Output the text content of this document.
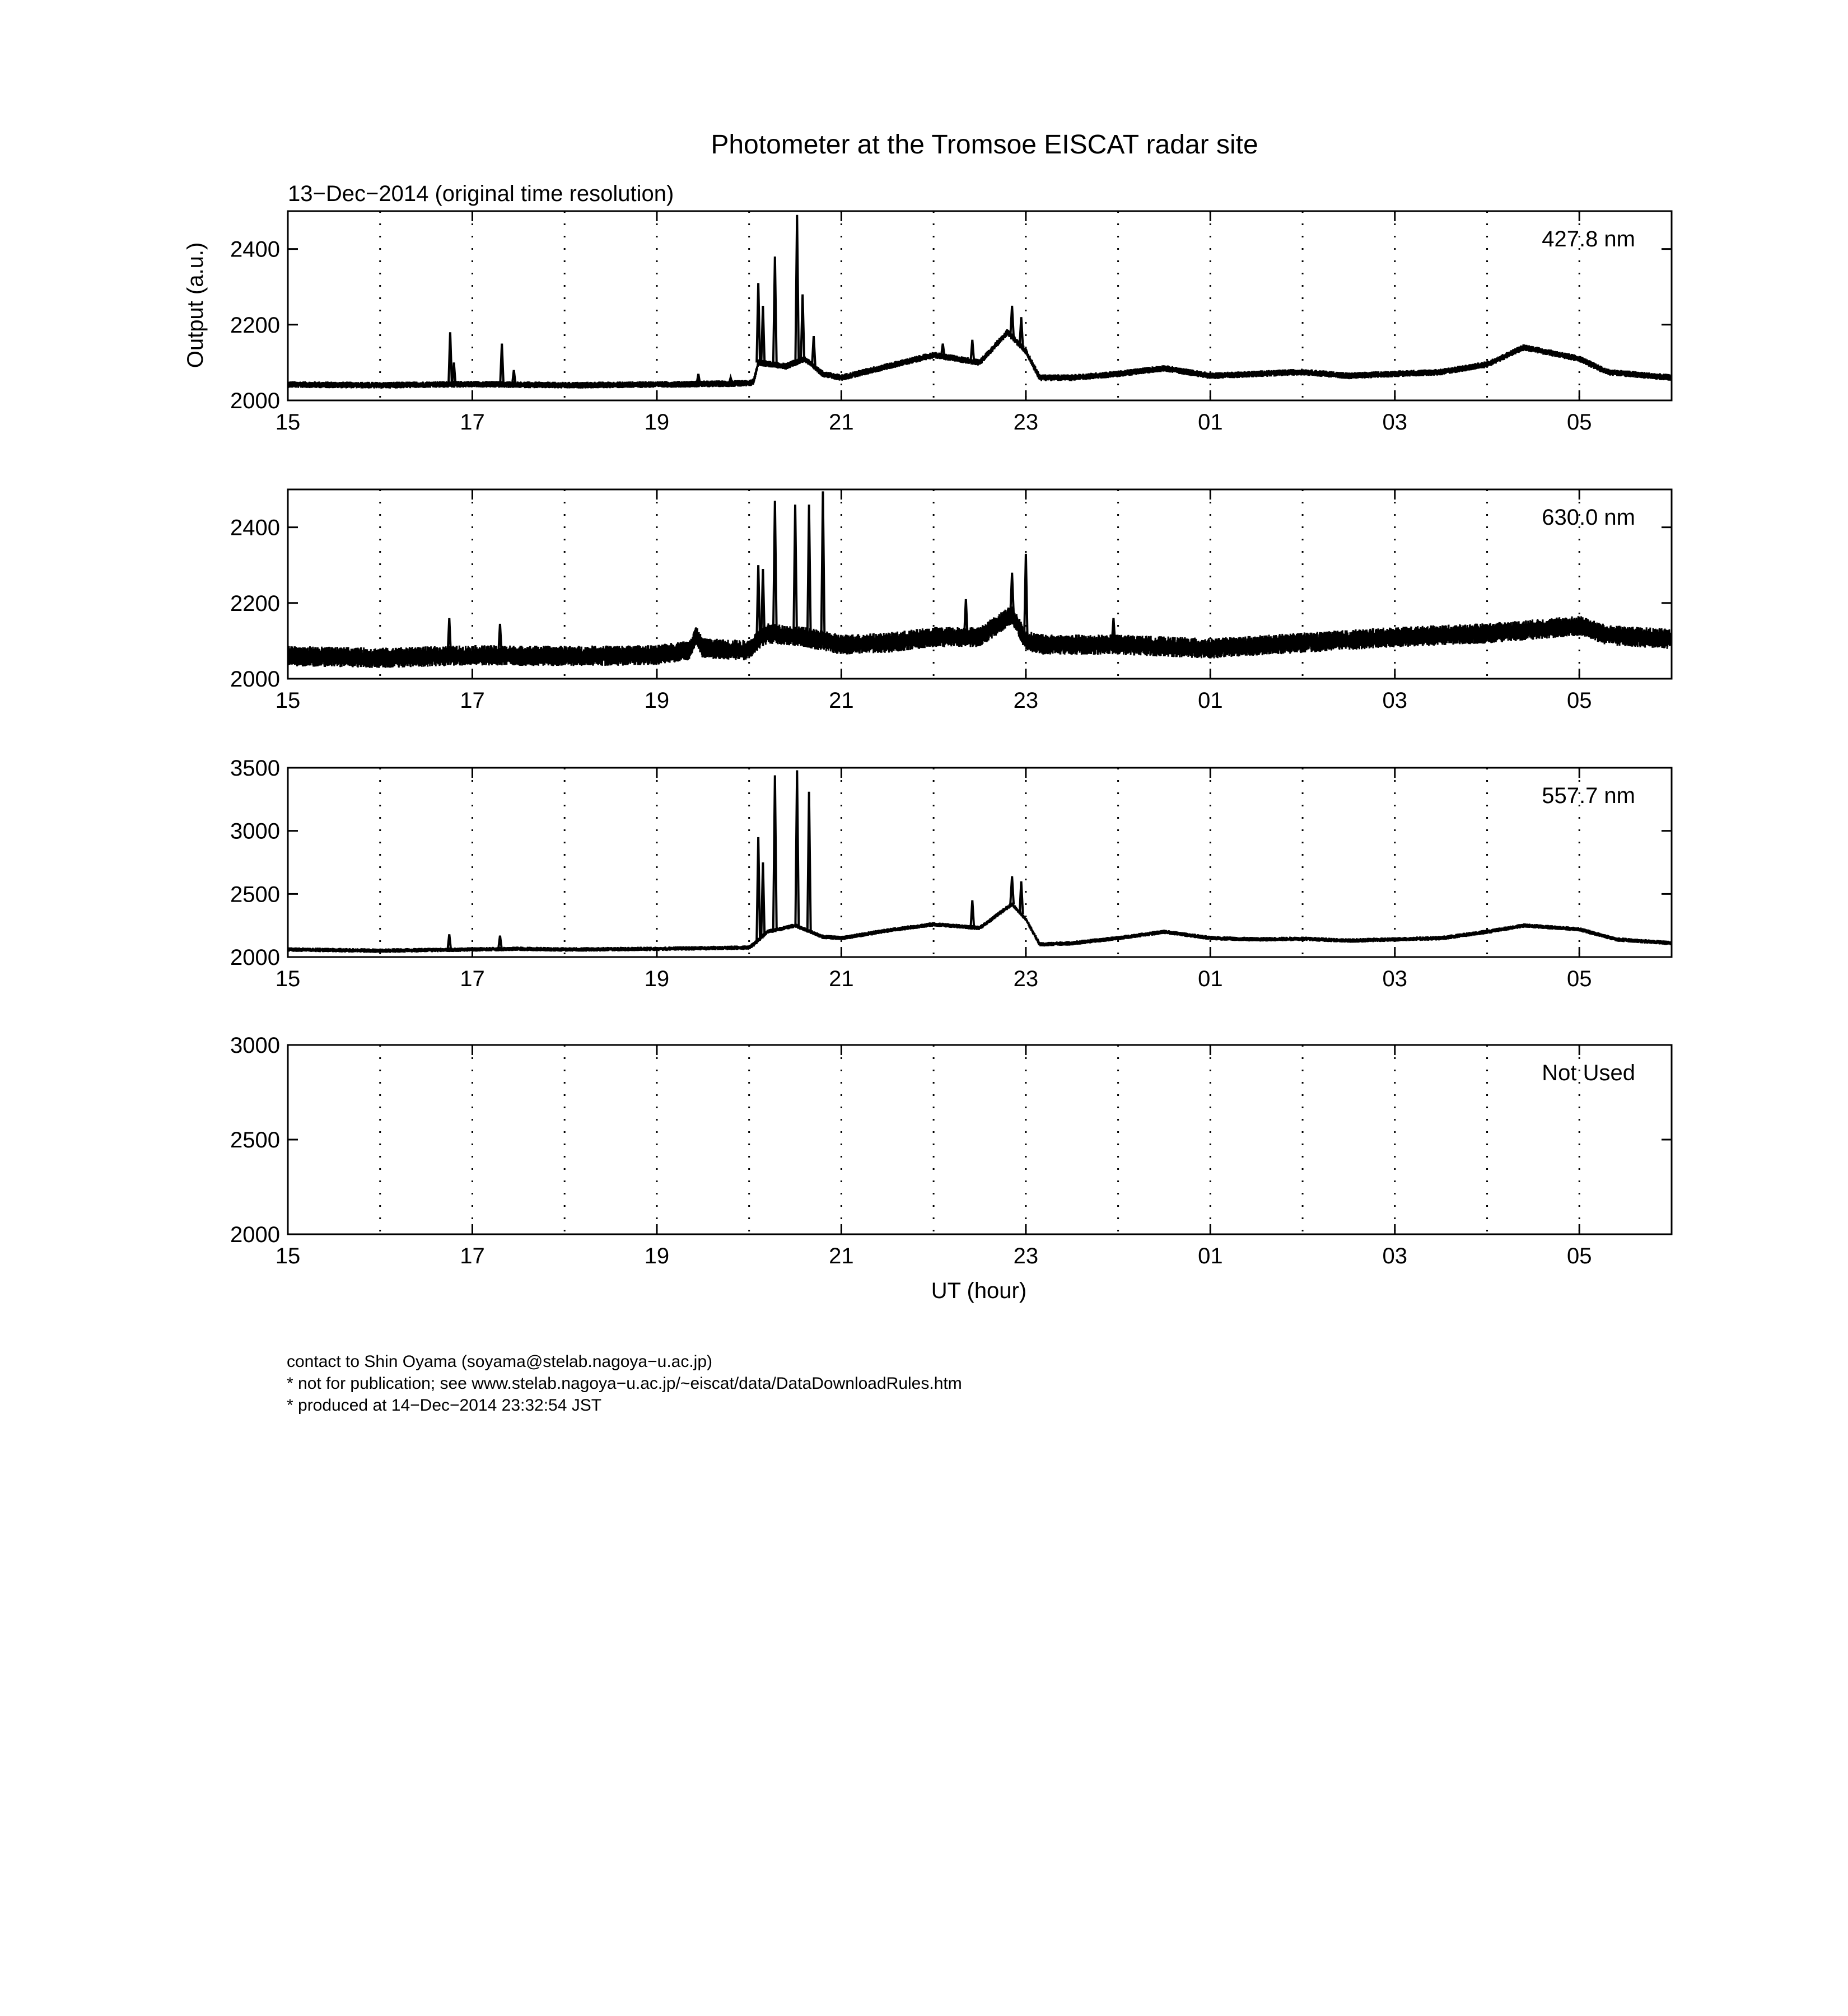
Photometer at the Tromsoe EISCAT radar site
13−Dec−2014 (original time resolution)
Output (a.u.)
UT (hour)
15	17	19	21	23	01	03	05
2000
2200
2400	427.8 nm
15	17	19	21	23	01	03	05
2000
2200
2400	630.0 nm
15	17	19	21	23	01	03	05
2000
2500
3000
3500
557.7 nm
15	17	19	21	23	01	03	05
2000
2500
3000
Not Used
contact to Shin Oyama (soyama@stelab.nagoya−u.ac.jp)
* not for publication; see www.stelab.nagoya−u.ac.jp/~eiscat/data/DataDownloadRules.htm
* produced at 14−Dec−2014 23:32:54 JST
